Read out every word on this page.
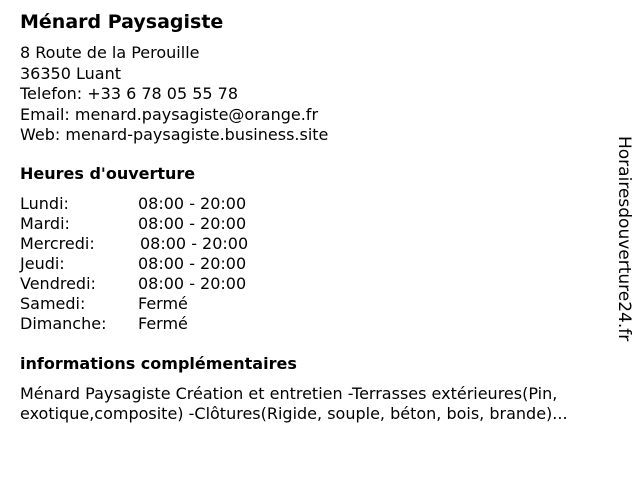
Ménard Paysagiste
8 Route de la Perouille
36350 Luant
Telefon: +33 6 78 05 55 78
Email: menard.paysagiste@orange.fr
Web: menard-paysagiste.business.site
Heures d'ouverture
Lundi:	08:00 - 20:00
Mardi:	08:00 - 20:00
Mercredi:	08:00 - 20:00
Jeudi:	08:00 - 20:00
Vendredi:	08:00 - 20:00
Samedi:	Fermé
Dimanche: Fermé
informations complémentaires
Ménard Paysagiste Création et entretien -Terrasses extérieures(Pin,
exotique,composite) -Clôtures(Rigide, souple, béton, bois, brande)...
Horairesdouverture24.fr
